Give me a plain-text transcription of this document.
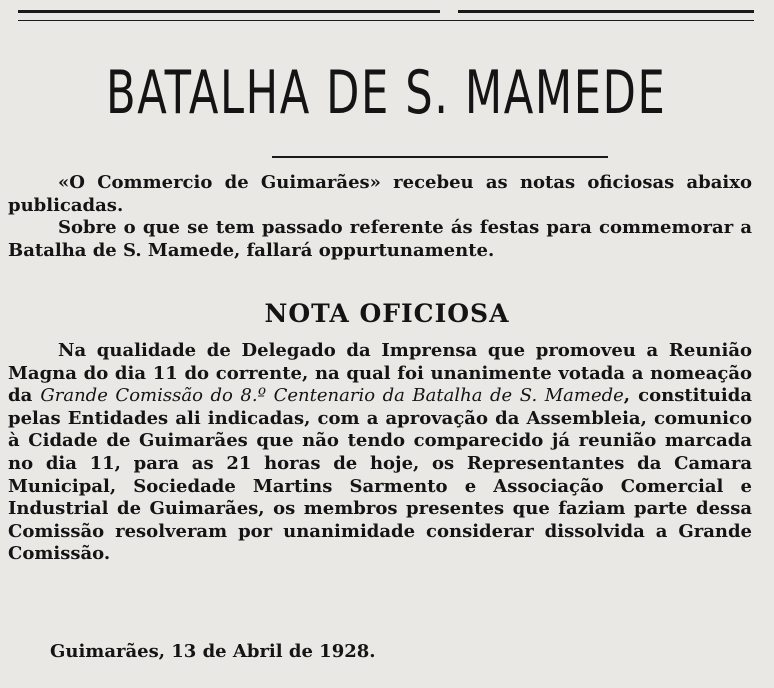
BATALHA DE S. MAMEDE

«O Commercio de Guimarães» recebeu as notas oficiosas abaixo publicadas.
Sobre o que se tem passado referente ás festas para commemorar a Batalha de S. Mamede, fallará oppurtunamente.

NOTA OFICIOSA

Na qualidade de Delegado da Imprensa que promoveu a Reunião Magna do dia 11 do corrente, na qual foi unanimente votada a nomeação da Grande Comissão do 8.º Centenario da Batalha de S. Mamede, constituida pelas Entidades ali indicadas, com a aprovação da Assembleia, comunico à Cidade de Guimarães que não tendo comparecido já reunião marcada no dia 11, para as 21 horas de hoje, os Representantes da Camara Municipal, Sociedade Martins Sarmento e Associação Comercial e Industrial de Guimarães, os membros presentes que faziam parte dessa Comissão resolveram por unanimidade considerar dissolvida a Grande Comissão.

Guimarães, 13 de Abril de 1928.
